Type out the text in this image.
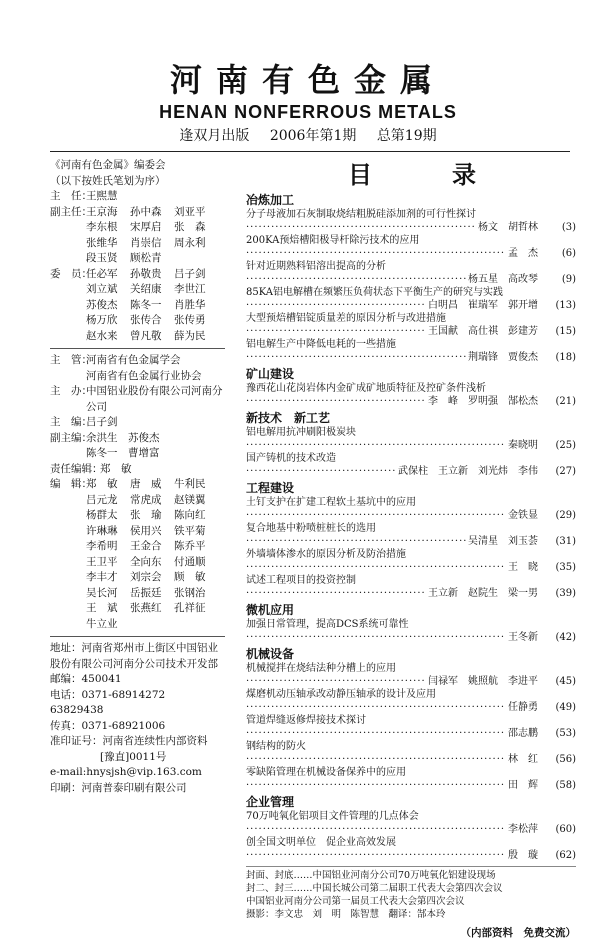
河南有色金属
HENAN NONFERROUS METALS
逢双月出版 2006年第1期 总第19期
《河南有色金属》编委会
（以下按姓氏笔划为序）
主　任：
王熙慧
副主任：
王京海	孙中森	刘亚平
李东根	宋厚启	张　森
张维华	肖崇信	周永利
段玉贤	顾松青
委　员：
任必军	孙敬贵	吕子剑
刘立斌	关绍康	李世江
苏俊杰	陈冬一	肖胜华
杨万欣	张传合	张传勇
赵水来	曾凡敬	薛为民
主　管：
河南省有色金属学会
河南省有色金属行业协会
主　办：
中国铝业股份有限公司河南分公司
主　编：
吕子剑
副主编：
余洪生　苏俊杰
陈冬一　曹增富
责任编辑：
郑　敏
编　辑：
郑　敏	唐　威	牛利民
吕元龙	常虎成	赵镁翼
杨群太	张　瑜	陈向红
许琳琳	侯用兴	铁平菊
李希明	王金合	陈乔平
王卫平	全向东	付通顺
李丰才	刘宗会	顾　敏
吴长河	岳振廷	张钢治
王　斌	张燕红	孔祥征
牛立业
地址：河南省郑州市上街区中国铝业股份有限公司河南分公司技术开发部
邮编：450041
电话：0371-68914272　63829438
传真：0371-68921006
准印证号：河南省连续性内部资料
[豫直]0011号
e-mail:hnysjsh@vip.163.com
印刷：河南普泰印刷有限公司
目　录
冶炼加工
分子母液加石灰制取烧结粗脱硅添加剂的可行性探讨
·····
杨文　胡哲林	(3)
200KA预焙槽阳极导杆除污技术的应用
·····
孟　杰	(6)
针对近期熟料铝溶出提高的分析
·····
杨五星　高改琴	(9)
85KA铝电解槽在频繁压负荷状态下平衡生产的研究与实践
·····
白明昌　崔瑞军　郭开增	(13)
大型预焙槽铝锭质量差的原因分析与改进措施
·····
王国献　高仕祺　彭建芳	(15)
铝电解生产中降低电耗的一些措施
·····
荆瑞锋　贾俊杰	(18)
矿山建设
豫西花山花岗岩体内金矿成矿地质特征及控矿条件浅析
·····
李　峰　罗明强　郜松杰	(21)
新技术　新工艺
铝电解用抗冲刷阳极炭块
·····
秦晓明	(25)
国产铸机的技术改造
·····
武保柱　王立新　刘光炜　李伟	(27)
工程建设
土钉支护在扩建工程软土基坑中的应用
·····
金铁显	(29)
复合地基中粉喷桩桩长的选用
·····
吴清星　刘玉荟	(31)
外墙墙体渗水的原因分析及防治措施
·····
王　晓	(35)
试述工程项目的投资控制
·····
王立新　赵院生　梁一男	(39)
微机应用
加强日常管理，提高DCS系统可靠性
·····
王冬新	(42)
机械设备
机械搅拌在烧结法种分槽上的应用
·····
闫禄军　姚照航　李进平	(45)
煤磨机动压轴承改动静压轴承的设计及应用
·····
任静勇	(49)
管道焊缝返修焊接技术探讨
·····
邵志鹏	(53)
钢结构的防火
·····
林　红	(56)
零缺陷管理在机械设备保养中的应用
·····
田　辉	(58)
企业管理
70万吨氧化铝项目文件管理的几点体会
·····
李松萍	(60)
创全国文明单位　促企业高效发展
·····
殷　璇	(62)
封面、封底……中国铝业河南分公司70万吨氧化铝建设现场
封二、封三……中国长城公司第二届职工代表大会第四次会议
中国铝业河南分公司第一届员工代表大会第四次会议
摄影：李文忠　刘　明　陈智慧　翻译：郜本玲
（内部资料　免费交流）
